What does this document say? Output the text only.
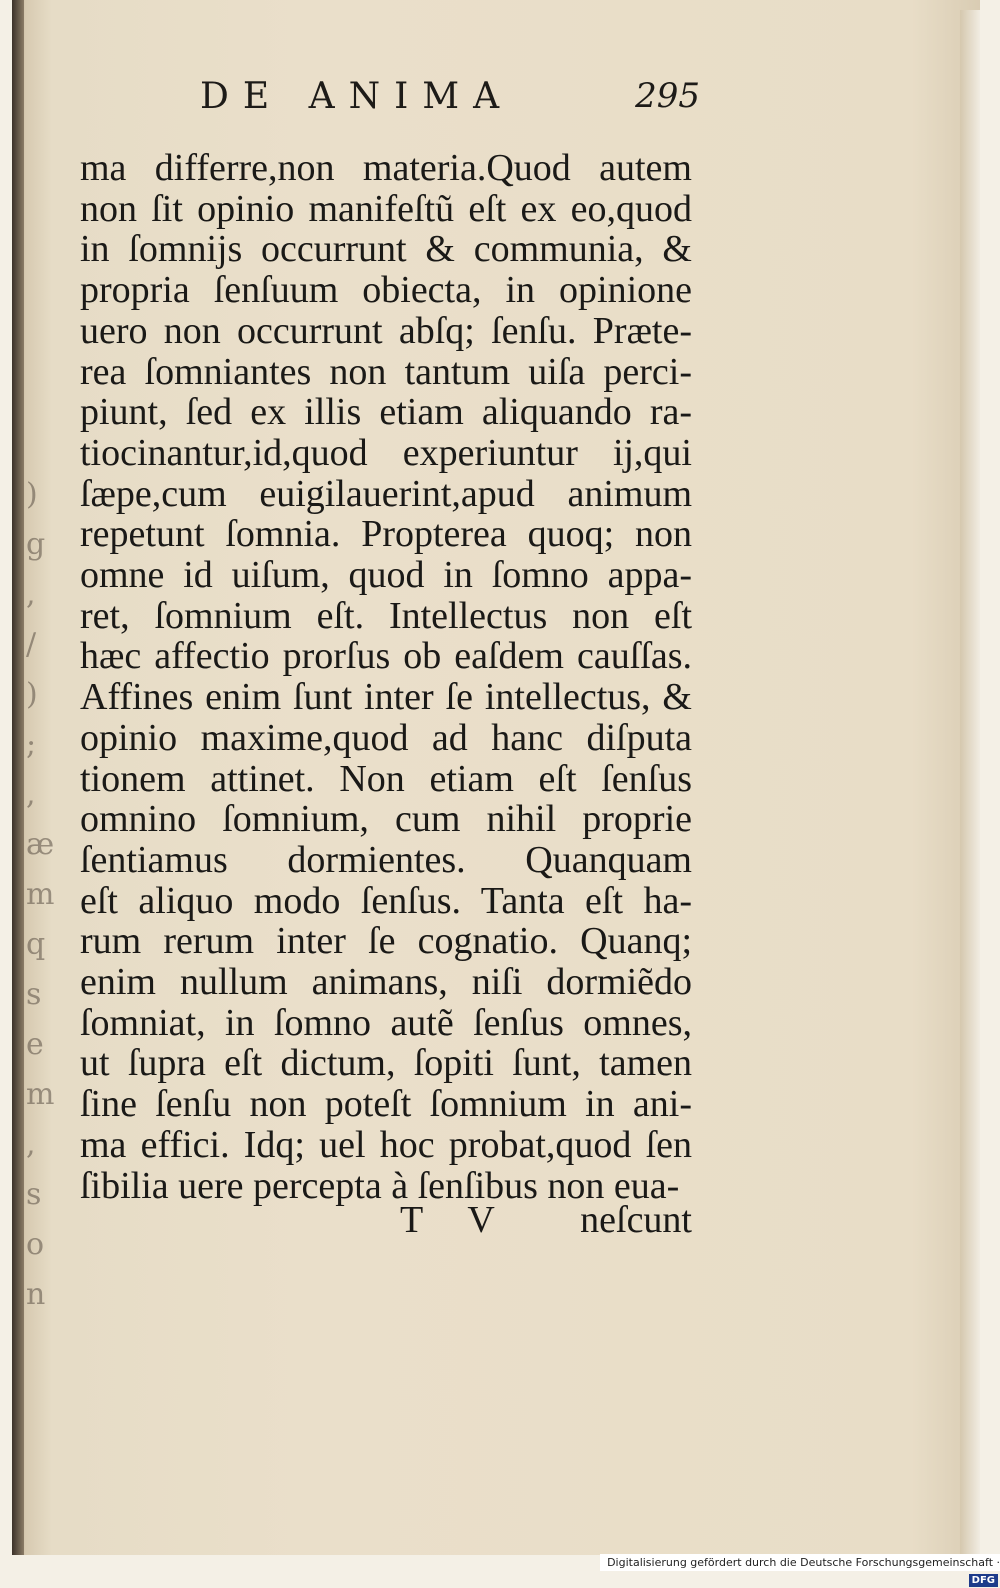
)
g
,
/
)
;
,
æ
m
q
s
e
m
,
s
o
n
DE ANIMA	295
ma differre,non materia.Quod autem
non ſit opinio manifeſtũ eſt ex eo,quod
in ſomnĳs occurrunt & communia, &
propria ſenſuum obiecta, in opinione
uero non occurrunt abſq; ſenſu. Præte-
rea ſomniantes non tantum uiſa perci-
piunt, ſed ex illis etiam aliquando ra-
tiocinantur,id,quod experiuntur ĳ,qui
ſæpe,cum euigilauerint,apud animum
repetunt ſomnia. Propterea quoq; non
omne id uiſum, quod in ſomno appa-
ret, ſomnium eſt. Intellectus non eſt
hæc affectio prorſus ob eaſdem cauſſas.
Affines enim ſunt inter ſe intellectus, &
opinio maxime,quod ad hanc diſputa
tionem attinet. Non etiam eſt ſenſus
omnino ſomnium, cum nihil proprie
ſentiamus dormientes. Quanquam
eſt aliquo modo ſenſus. Tanta eſt ha-
rum rerum inter ſe cognatio. Quanq;
enim nullum animans, niſi dormiẽdo
ſomniat, in ſomno autẽ ſenſus omnes,
ut ſupra eſt dictum, ſopiti ſunt, tamen
ſine ſenſu non poteſt ſomnium in ani-
ma effici. Idq; uel hoc probat,quod ſen
ſibilia uere percepta à ſenſibus non eua-
T V neſcunt
Digitalisierung gefördert durch die Deutsche Forschungsgemeinschaft ·DFG
